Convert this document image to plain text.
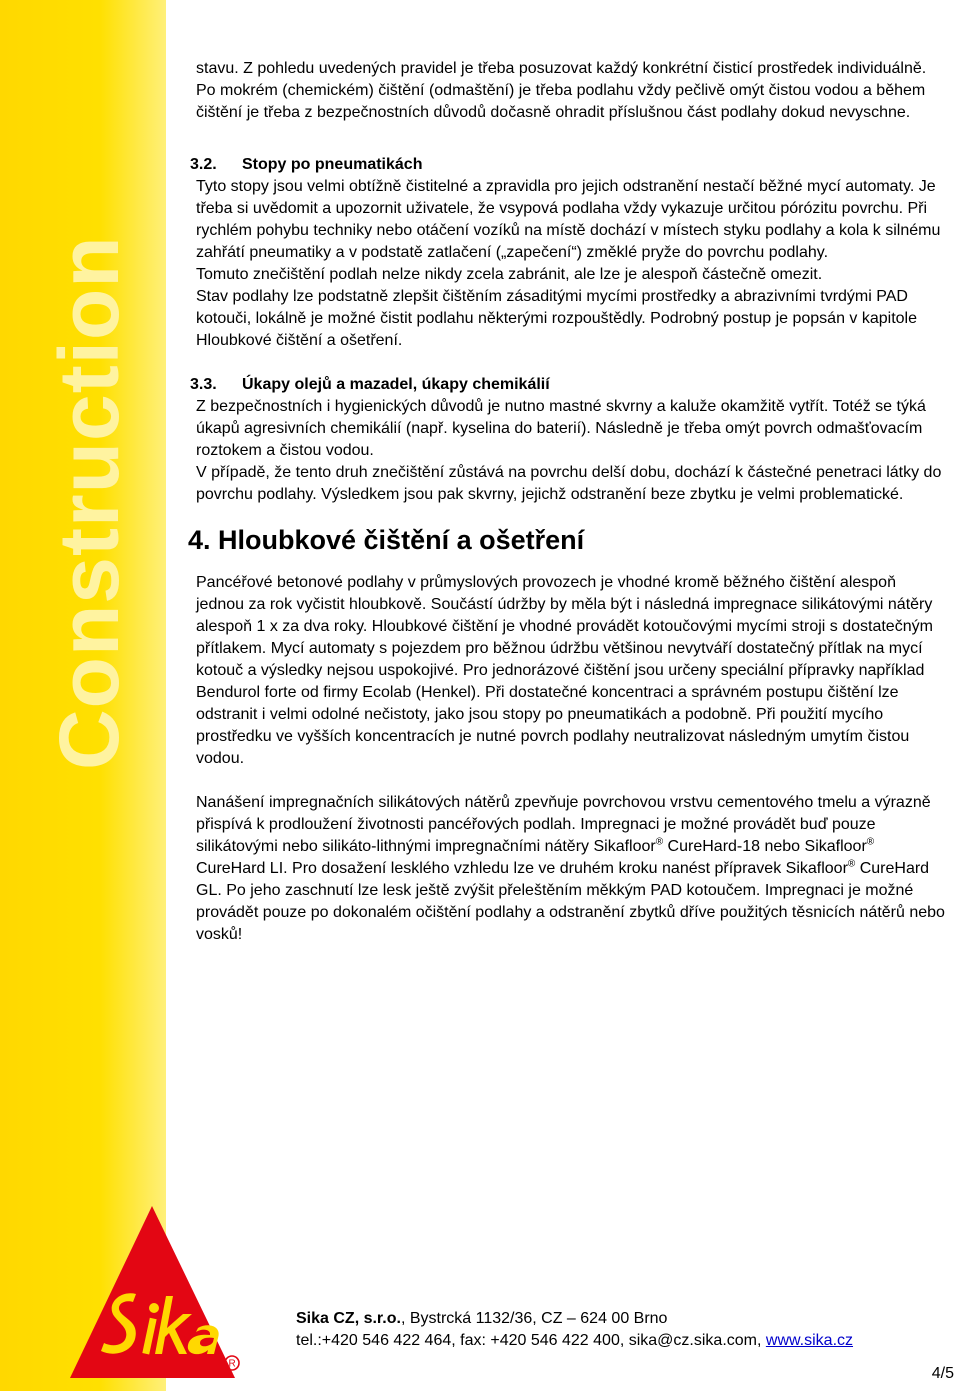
Construction
Autor: Sika CZ, s.r.o.
Datum: 06/2012
R

stavu. Z pohledu uvedených pravidel je třeba posuzovat každý konkrétní čisticí prostředek individuálně.

Po mokrém (chemickém) čištění (odmaštění) je třeba podlahu vždy pečlivě omýt čistou vodou a během čištění je třeba z bezpečnostních důvodů dočasně ohradit příslušnou část podlahy dokud nevyschne.

3.2. Stopy po pneumatikách

Tyto stopy jsou velmi obtížně čistitelné a zpravidla pro jejich odstranění nestačí běžné mycí automaty. Je třeba si uvědomit a upozornit uživatele, že vsypová podlaha vždy vykazuje určitou pórózitu povrchu. Při rychlém pohybu techniky nebo otáčení vozíků na místě dochází v místech styku podlahy a kola k silnému zahřátí pneumatiky a v podstatě zatlačení („zapečení“) změklé pryže do povrchu podlahy.

Tomuto znečištění podlah nelze nikdy zcela zabránit, ale lze je alespoň částečně omezit.

Stav podlahy lze podstatně zlepšit čištěním zásaditými mycími prostředky a abrazivními tvrdými PAD kotouči, lokálně je možné čistit podlahu některými rozpouštědly. Podrobný postup je popsán v kapitole Hloubkové čištění a ošetření.

3.3. Úkapy olejů a mazadel, úkapy chemikálií

Z bezpečnostních i hygienických důvodů je nutno mastné skvrny a kaluže okamžitě vytřít. Totéž se týká úkapů agresivních chemikálií (např. kyselina do baterií). Následně je třeba omýt povrch odmašťovacím roztokem a čistou vodou.

V případě, že tento druh znečištění zůstává na povrchu delší dobu, dochází k částečné penetraci látky do povrchu podlahy. Výsledkem jsou pak skvrny, jejichž odstranění beze zbytku je velmi problematické.

4. Hloubkové čištění a ošetření

Pancéřové betonové podlahy v průmyslových provozech je vhodné kromě běžného čištění alespoň jednou za rok vyčistit hloubkově. Součástí údržby by měla být i následná impregnace silikátovými nátěry alespoň 1 x za dva roky. Hloubkové čištění je vhodné provádět kotoučovými mycími stroji s dostatečným přítlakem. Mycí automaty s pojezdem pro běžnou údržbu většinou nevytváří dostatečný přítlak na mycí kotouč a výsledky nejsou uspokojivé. Pro jednorázové čištění jsou určeny speciální přípravky například Bendurol forte od firmy Ecolab (Henkel). Při dostatečné koncentraci a správném postupu čištění lze odstranit i velmi odolné nečistoty, jako jsou stopy po pneumatikách a podobně. Při použití mycího prostředku ve vyšších koncentracích je nutné povrch podlahy neutralizovat následným umytím čistou vodou.

Nanášení impregnačních silikátových nátěrů zpevňuje povrchovou vrstvu cementového tmelu a výrazně přispívá k prodloužení životnosti pancéřových podlah. Impregnaci je možné provádět buď pouze silikátovými nebo silikáto-lithnými impregnačními nátěry Sikafloor® CureHard-18 nebo Sikafloor® CureHard LI. Pro dosažení lesklého vzhledu lze ve druhém kroku nanést přípravek Sikafloor® CureHard GL. Po jeho zaschnutí lze lesk ještě zvýšit přeleštěním měkkým PAD kotoučem. Impregnaci je možné provádět pouze po dokonalém očištění podlahy a odstranění zbytků dříve použitých těsnicích nátěrů nebo vosků!

Sika CZ, s.r.o., Bystrcká 1132/36, CZ – 624 00 Brno
tel.:+420 546 422 464, fax: +420 546 422 400, sika@cz.sika.com, www.sika.cz
4/5
